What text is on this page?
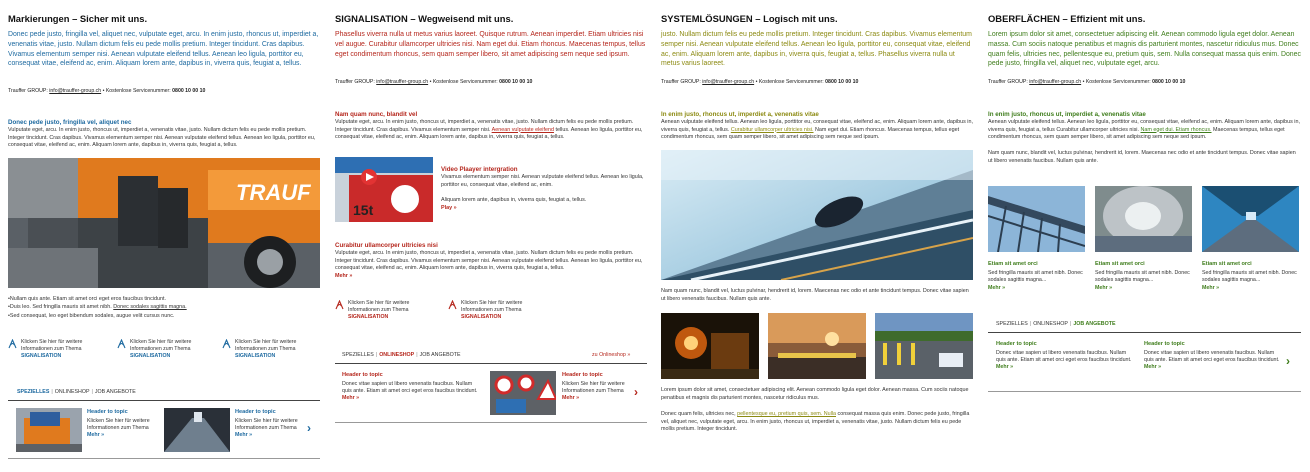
Markierungen – Sicher mit uns.
Donec pede justo, fringilla vel, aliquet nec, vulputate eget, arcu. In enim justo, rhoncus ut, imperdiet a, venenatis vitae, justo. Nullam dictum felis eu pede mollis pretium. Integer tincidunt. Cras dapibus. Vivamus elementum semper nisi. Aenean vulputate eleifend tellus. Aenean leo ligula, porttitor eu, consequat vitae, eleifend ac, enim. Aliquam lorem ante, dapibus in, viverra quis, feugiat a, tellus.
Trauffer GROUP: info@trauffer-group.ch • Kostenlose Servicenummer: 0800 10 00 10
Donec pede justo, fringilla vel, aliquet nec
Vulputate eget, arcu. In enim justo, rhoncus ut, imperdiet a, venenatis vitae, justo. Nullam dictum felis eu pede mollis pretium. Integer tincidunt. Cras dapibus. Vivamus elementum semper nisi. Aenean vulputate eleifend tellus. Aenean leo ligula, porttitor eu, consequat vitae, eleifend ac, enim. Aliquam lorem ante, dapibus in, viverra quis, feugiat a, tellus.
TRAUF
• Nullam quis ante. Etiam sit amet orci eget eros faucibus tincidunt.
• Duis leo. Sed fringilla mauris sit amet nibh. Donec sodales sagittis magna.
• Sed consequat, leo eget bibendum sodales, augue velit cursus nunc.
Klicken Sie hier für weitere Informationen zum Thema
SIGNALISATION
Klicken Sie hier für weitere Informationen zum Thema
SIGNALISATION
Klicken Sie hier für weitere Informationen zum Thema
SIGNALISATION
SPEZIELLES | ONLINESHOP | JOB ANGEBOTE
Header to topic
Klicken Sie hier für weitere Informationen zum Thema
Mehr »
Header to topic
Klicken Sie hier für weitere Informationen zum Thema
Mehr »
›
SIGNALISATION – Wegweisend mit uns.
Phasellus viverra nulla ut metus varius laoreet. Quisque rutrum. Aenean imperdiet. Etiam ultricies nisi vel augue. Curabitur ullamcorper ultricies nisi. Nam eget dui. Etiam rhoncus. Maecenas tempus, tellus eget condimentum rhoncus, sem quam semper libero, sit amet adipiscing sem neque sed ipsum.
Trauffer GROUP: info@trauffer-group.ch • Kostenlose Servicenummer: 0800 10 00 10
Nam quam nunc, blandit vel
Vulputate eget, arcu. In enim justo, rhoncus ut, imperdiet a, venenatis vitae, justo. Nullam dictum felis eu pede mollis pretium. Integer tincidunt. Cras dapibus. Vivamus elementum semper nisi. Aenean vulputate eleifend tellus. Aenean leo ligula, porttitor eu, consequat vitae, eleifend ac, enim. Aliquam lorem ante, dapibus in, viverra quis, feugiat a, tellus.
15t
Video Plaayer intergration
Vivamus elementum semper nisi. Aenean vulputate eleifend tellus. Aenean leo ligula, porttitor eu, consequat vitae, eleifend ac, enim.
Aliquam lorem ante, dapibus in, viverra quis, feugiat a, tellus.
Play »
Curabitur ullamcorper ultricies nisi
Vulputate eget, arcu. In enim justo, rhoncus ut, imperdiet a, venenatis vitae, justo. Nullam dictum felis eu pede mollis pretium. Integer tincidunt. Cras dapibus. Vivamus elementum semper nisi. Aenean vulputate eleifend tellus. Aenean leo ligula, porttitor eu, consequat vitae, eleifend ac, enim. Aliquam lorem ante, dapibus in, viverra quis, feugiat a, tellus.
Mehr »
Klicken Sie hier für weitere Informationen zum Thema
SIGNALISATION
Klicken Sie hier für weitere Informationen zum Thema
SIGNALISATION
SPEZIELLES | ONLINESHOP | JOB ANGEBOTE	zu Onlineshop »
Header to topic
Donec vitae sapien ut libero venenatis faucibus. Nullam quis ante. Etiam sit amet orci eget eros faucibus tincidunt.
Mehr »
Header to topic
Klicken Sie hier für weitere Informationen zum Thema
Mehr »	›
SYSTEMLÖSUNGEN – Logisch mit uns.
justo. Nullam dictum felis eu pede mollis pretium. Integer tincidunt. Cras dapibus. Vivamus elementum semper nisi. Aenean vulputate eleifend tellus. Aenean leo ligula, porttitor eu, consequat vitae, eleifend ac, enim. Aliquam lorem ante, dapibus in, viverra quis, feugiat a, tellus. Phasellus viverra nulla ut metus varius laoreet.
Trauffer GROUP: info@trauffer-group.ch • Kostenlose Servicenummer: 0800 10 00 10
In enim justo, rhoncus ut, imperdiet a, venenatis vitae
Aenean vulputate eleifend tellus. Aenean leo ligula, porttitor eu, consequat vitae, eleifend ac, enim. Aliquam lorem ante, dapibus in, viverra quis, feugiat a, tellus. Curabitur ullamcorper ultricies nisi. Nam eget dui. Etiam rhoncus. Maecenas tempus, tellus eget condimentum rhoncus, sem quam semper libero, sit amet adipiscing sem neque sed ipsum.
Nam quam nunc, blandit vel, luctus pulvinar, hendrerit id, lorem. Maecenas nec odio et ante tincidunt tempus. Donec vitae sapien ut libero venenatis faucibus. Nullam quis ante.
Lorem ipsum dolor sit amet, consectetuer adipiscing elit. Aenean commodo ligula eget dolor. Aenean massa. Cum sociis natoque penatibus et magnis dis parturient montes, nascetur ridiculus mus.
Donec quam felis, ultricies nec, pellentesque eu, pretium quis, sem. Nulla consequat massa quis enim. Donec pede justo, fringilla vel, aliquet nec, vulputate eget, arcu. In enim justo, rhoncus ut, imperdiet a, venenatis vitae, justo. Nullam dictum felis eu pede mollis pretium. Integer tincidunt.
OBERFLÄCHEN – Effizient mit uns.
Lorem ipsum dolor sit amet, consectetuer adipiscing elit. Aenean commodo ligula eget dolor. Aenean massa. Cum sociis natoque penatibus et magnis dis parturient montes, nascetur ridiculus mus. Donec quam felis, ultricies nec, pellentesque eu, pretium quis, sem. Nulla consequat massa quis enim. Donec pede justo, fringilla vel, aliquet nec, vulputate eget, arcu.
Trauffer GROUP: info@trauffer-group.ch • Kostenlose Servicenummer: 0800 10 00 10
In enim justo, rhoncus ut, imperdiet a, venenatis vitae
Aenean vulputate eleifend tellus. Aenean leo ligula, porttitor eu, consequat vitae, eleifend ac, enim. Aliquam lorem ante, dapibus in, viverra quis, feugiat a, tellus Curabitur ullamcorper ultricies nisi. Nam eget dui. Etiam rhoncus. Maecenas tempus, tellus eget condimentum rhoncus, sem quam semper libero, sit amet adipiscing sem neque sed ipsum.
Nam quam nunc, blandit vel, luctus pulvinar, hendrerit id, lorem. Maecenas nec odio et ante tincidunt tempus. Donec vitae sapien ut libero venenatis faucibus. Nullam quis ante.
Etiam sit amet orci
Sed fringilla mauris sit amet nibh. Donec sodales sagittis magna...
Mehr »
Etiam sit amet orci
Sed fringilla mauris sit amet nibh. Donec sodales sagittis magna...
Mehr »
Etiam sit amet orci
Sed fringilla mauris sit amet nibh. Donec sodales sagittis magna...
Mehr »
SPEZIELLES | ONLINESHOP | JOB ANGEBOTE
Header to topic
Donec vitae sapien ut libero venenatis faucibus. Nullam quis ante. Etiam sit amet orci eget eros faucibus tincidunt.
Mehr »
Header to topic
Donec vitae sapien ut libero venenatis faucibus. Nullam quis ante. Etiam sit amet orci eget eros faucibus tincidunt.
Mehr »	›
